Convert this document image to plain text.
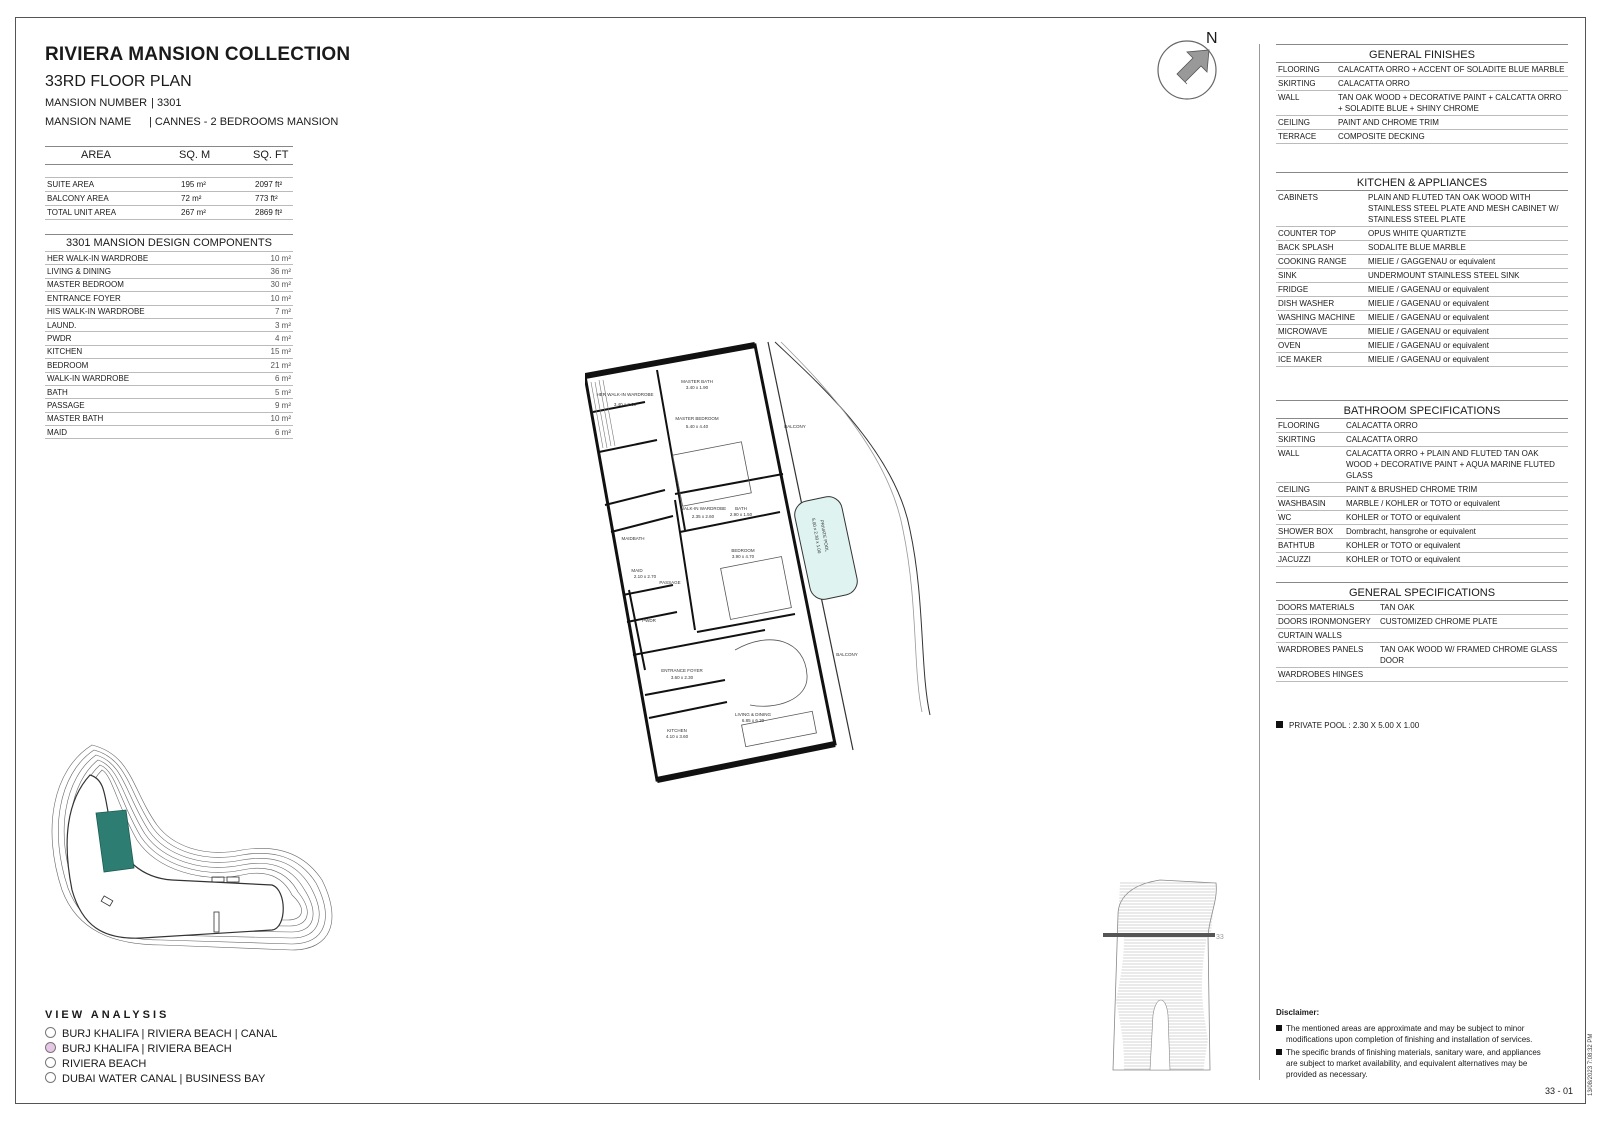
RIVIERA MANSION COLLECTION
33RD FLOOR PLAN
MANSION NUMBER | 3301
MANSION NAME | CANNES - 2 BEDROOMS MANSION
AREA	SQ. M	SQ. FT

SUITE AREA	195 m²	2097 ft²
BALCONY AREA	72 m²	773 ft²
TOTAL UNIT AREA	267 m²	2869 ft²
3301 MANSION DESIGN COMPONENTS
HER WALK-IN WARDROBE	10 m²
LIVING & DINING	36 m²
MASTER BEDROOM	30 m²
ENTRANCE FOYER	10 m²
HIS WALK-IN WARDROBE	7 m²
LAUND.	3 m²
PWDR	4 m²
KITCHEN	15 m²
BEDROOM	21 m²
WALK-IN WARDROBE	6 m²
BATH	5 m²
PASSAGE	9 m²
MASTER BATH	10 m²
MAID	6 m²
N
GENERAL FINISHES
FLOORING	CALACATTA ORRO + ACCENT OF SOLADITE BLUE MARBLE
SKIRTING	CALACATTA ORRO
WALL	TAN OAK WOOD + DECORATIVE PAINT + CALCATTA ORRO + SOLADITE BLUE + SHINY CHROME
CEILING	PAINT AND CHROME TRIM
TERRACE	COMPOSITE DECKING
KITCHEN & APPLIANCES
CABINETS	PLAIN AND FLUTED TAN OAK WOOD WITH STAINLESS STEEL PLATE AND MESH CABINET W/ STAINLESS STEEL PLATE
COUNTER TOP	OPUS WHITE QUARTIZTE
BACK SPLASH	SODALITE BLUE MARBLE
COOKING RANGE	MIELIE / GAGGENAU or equivalent
SINK	UNDERMOUNT STAINLESS STEEL SINK
FRIDGE	MIELIE / GAGENAU or equivalent
DISH WASHER	MIELIE / GAGENAU or equivalent
WASHING MACHINE	MIELIE / GAGENAU or equivalent
MICROWAVE	MIELIE / GAGENAU or equivalent
OVEN	MIELIE / GAGENAU or equivalent
ICE MAKER	MIELIE / GAGENAU or equivalent
BATHROOM SPECIFICATIONS
FLOORING	CALACATTA ORRO
SKIRTING	CALACATTA ORRO
WALL	CALACATTA ORRO + PLAIN AND FLUTED TAN OAK WOOD + DECORATIVE PAINT + AQUA MARINE FLUTED GLASS
CEILING	PAINT & BRUSHED CHROME TRIM
WASHBASIN	MARBLE / KOHLER or TOTO or equivalent
WC	KOHLER or TOTO or equivalent
SHOWER BOX	Dornbracht, hansgrohe or equivalent
BATHTUB	KOHLER or TOTO or equivalent
JACUZZI	KOHLER or TOTO or equivalent
GENERAL SPECIFICATIONS
DOORS MATERIALS	TAN OAK
DOORS IRONMONGERY	CUSTOMIZED CHROME PLATE
CURTAIN WALLS	
WARDROBES PANELS	TAN OAK WOOD W/ FRAMED CHROME GLASS DOOR
WARDROBES HINGES	
PRIVATE POOL : 2.30 X 5.00 X 1.00
HER WALK-IN WARDROBE
3.40 x 2.60
MASTER BATH
3.40 x 1.90
MASTER BEDROOM
5.40 x 4.40	BALCONY
WALK-IN WARDROBE
2.35 x 2.60
BATH
2.90 x 1.50
MAIDBATH
MAID
2.10 x 2.70
BEDROOM
3.90 x 4.70
PASSAGE
PRIVATE POOL
5.00 x 2.30 x 1.00
PWDR
ENTRANCE FOYER
3.60 x 2.30
BALCONY
LIVING & DINING
6.85 x 6.30
KITCHEN
4.10 x 3.60
33
VIEW ANALYSIS
BURJ KHALIFA | RIVIERA BEACH | CANAL
BURJ KHALIFA | RIVIERA BEACH
RIVIERA BEACH
DUBAI WATER CANAL | BUSINESS BAY
Disclaimer:
The mentioned areas are approximate and may be subject to minor modifications upon completion of finishing and installation of services.
The specific brands of finishing materials, sanitary ware, and appliances are subject to market availability, and equivalent alternatives may be provided as necessary.
33 - 01 13/08/2023 7:08:32 PM
